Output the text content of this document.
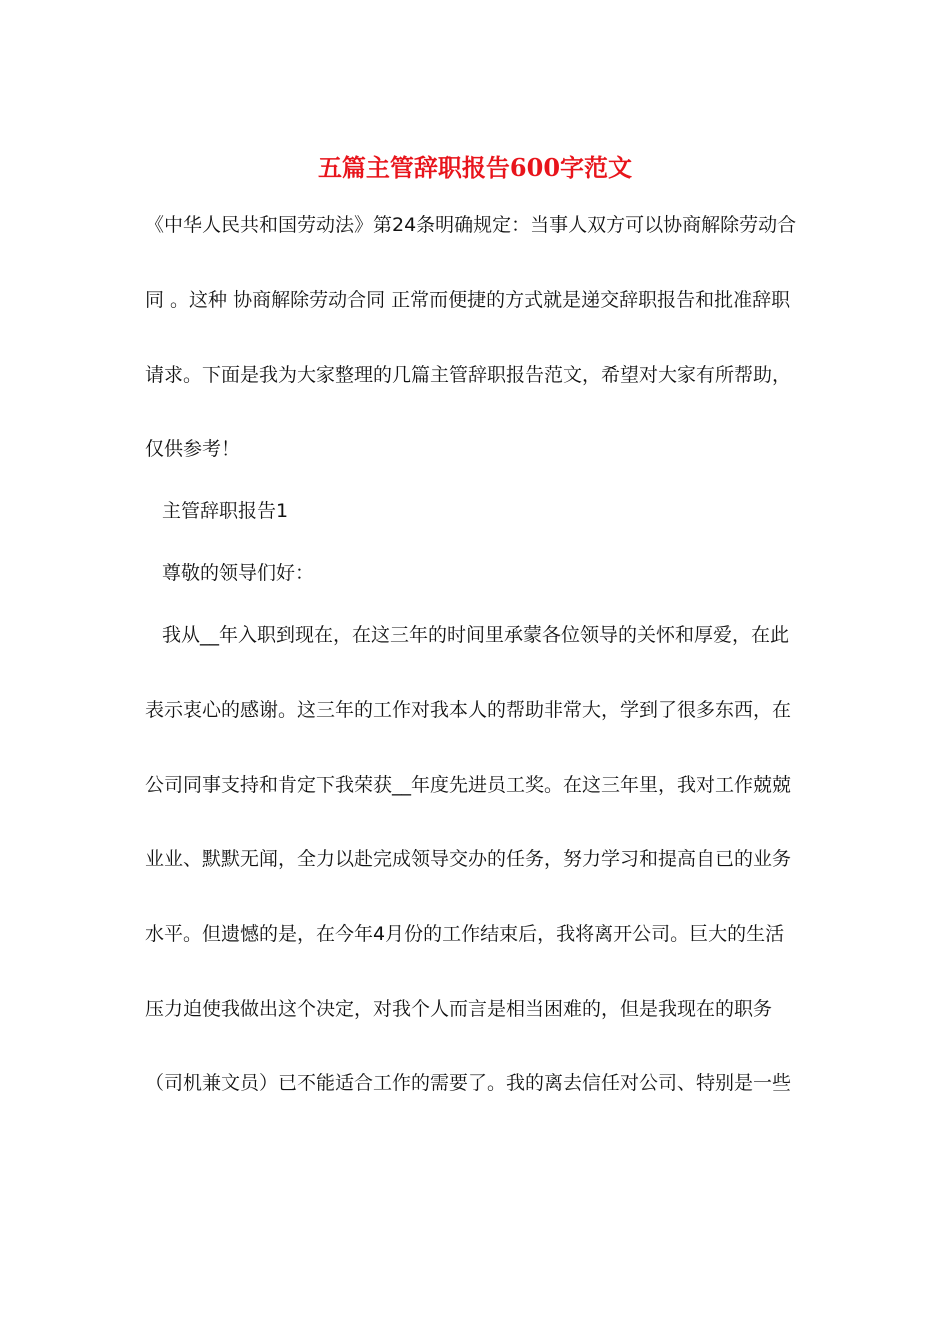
五篇主管辞职报告600字范文

《中华人民共和国劳动法》第24条明确规定：当事人双方可以协商解除劳动合

同 。这种 协商解除劳动合同 正常而便捷的方式就是递交辞职报告和批准辞职

请求。下面是我为大家整理的几篇主管辞职报告范文，希望对大家有所帮助，

仅供参考！

主管辞职报告1

尊敬的领导们好：

我从__年入职到现在，在这三年的时间里承蒙各位领导的关怀和厚爱，在此

表示衷心的感谢。这三年的工作对我本人的帮助非常大，学到了很多东西，在

公司同事支持和肯定下我荣获__年度先进员工奖。在这三年里，我对工作兢兢

业业、默默无闻，全力以赴完成领导交办的任务，努力学习和提高自已的业务

水平。但遗憾的是，在今年4月份的工作结束后，我将离开公司。巨大的生活

压力迫使我做出这个决定，对我个人而言是相当困难的，但是我现在的职务

（司机兼文员）已不能适合工作的需要了。我的离去信任对公司、特别是一些
